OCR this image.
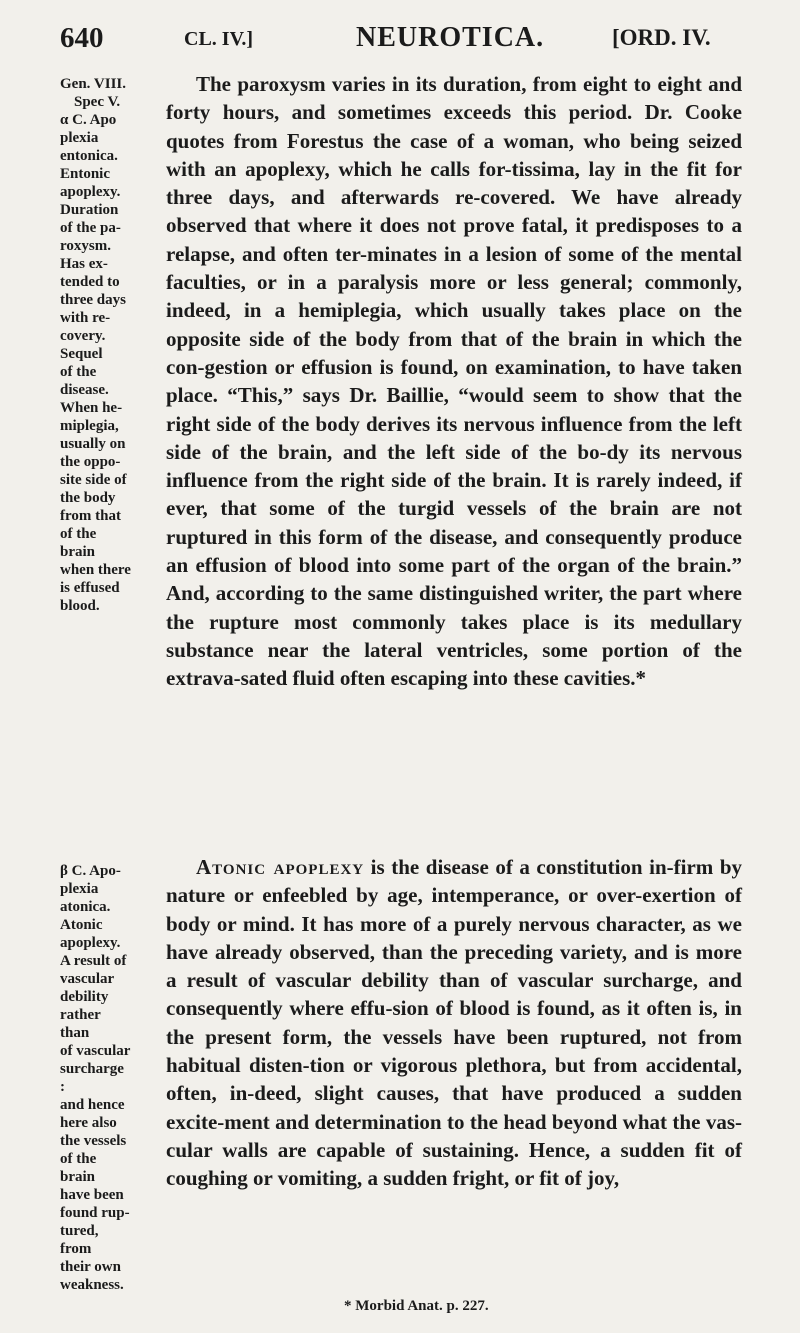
640	CL. IV.]	NEUROTICA.	[ORD. IV.
Gen. VIII.
Spec V.
α C. Apo
plexia
entonica.
Entonic
apoplexy.
Duration
of the pa-
roxysm.
Has ex-
tended to
three days
with re-
covery.
Sequel
of the
disease.
When he-
miplegia,
usually on
the oppo-
site side of
the body
from that
of the brain
when there
is effused
blood.
β C. Apo-
plexia
atonica.
Atonic
apoplexy.
A result of
vascular
debility
rather than
of vascular
surcharge :
and hence
here also
the vessels
of the brain
have been
found rup-
tured, from
their own
weakness.

The paroxysm varies in its duration, from eight to eight and forty hours, and sometimes exceeds this period. Dr. Cooke quotes from Forestus the case of a woman, who being seized with an apoplexy, which he calls for-tissima, lay in the fit for three days, and afterwards re-covered. We have already observed that where it does not prove fatal, it predisposes to a relapse, and often ter-minates in a lesion of some of the mental faculties, or in a paralysis more or less general; commonly, indeed, in a hemiplegia, which usually takes place on the opposite side of the body from that of the brain in which the con-gestion or effusion is found, on examination, to have taken place. “This,” says Dr. Baillie, “would seem to show that the right side of the body derives its nervous influence from the left side of the brain, and the left side of the bo-dy its nervous influence from the right side of the brain. It is rarely indeed, if ever, that some of the turgid vessels of the brain are not ruptured in this form of the disease, and consequently produce an effusion of blood into some part of the organ of the brain.” And, according to the same distinguished writer, the part where the rupture most commonly takes place is its medullary substance near the lateral ventricles, some portion of the extrava-sated fluid often escaping into these cavities.*

Atonic apoplexy is the disease of a constitution in-firm by nature or enfeebled by age, intemperance, or over-exertion of body or mind. It has more of a purely nervous character, as we have already observed, than the preceding variety, and is more a result of vascular debility than of vascular surcharge, and consequently where effu-sion of blood is found, as it often is, in the present form, the vessels have been ruptured, not from habitual disten-tion or vigorous plethora, but from accidental, often, in-deed, slight causes, that have produced a sudden excite-ment and determination to the head beyond what the vas-cular walls are capable of sustaining. Hence, a sudden fit of coughing or vomiting, a sudden fright, or fit of joy,

* Morbid Anat. p. 227.
